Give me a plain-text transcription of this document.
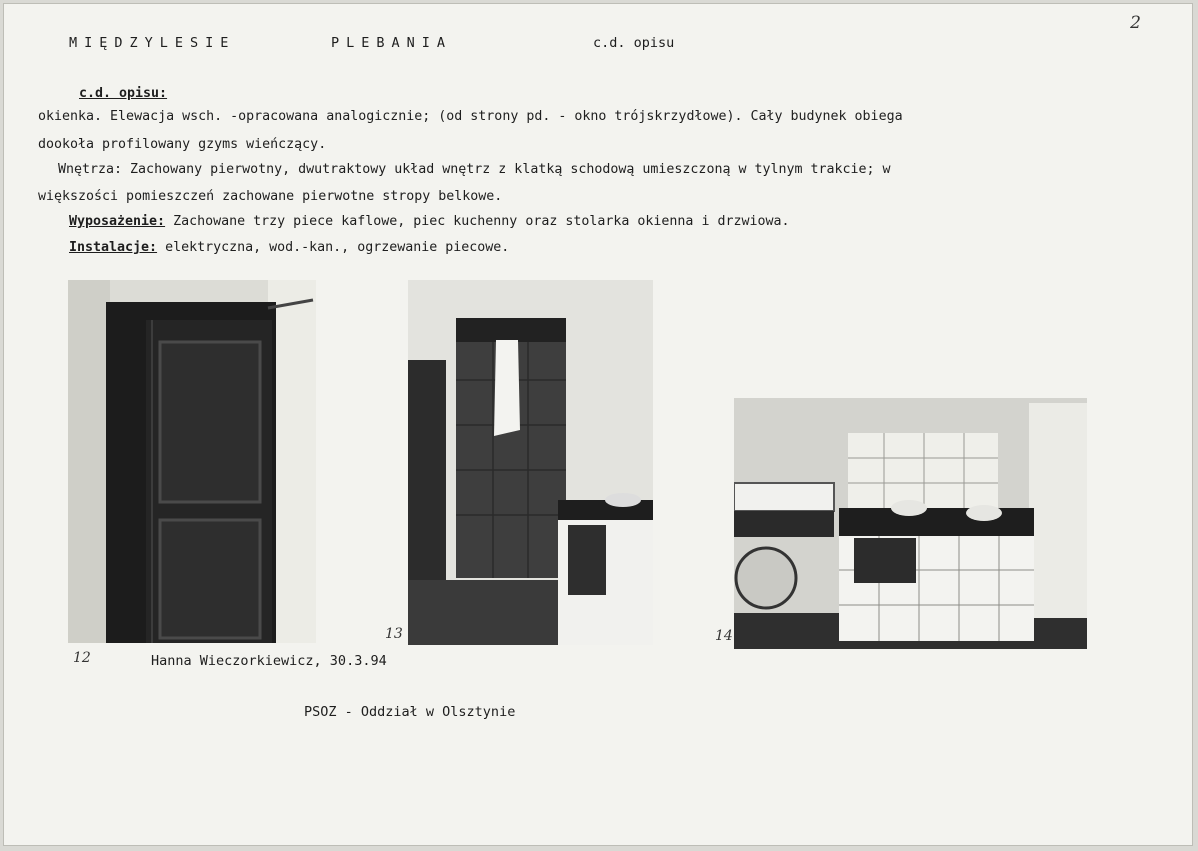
MIĘDZYLESIE	PLEBANIA	c.d. opisu
2
c.d. opisu:
okienka. Elewacja wsch. -opracowana analogicznie; (od strony pd. - okno trójskrzydłowe). Cały budynek obiega
dookoła profilowany gzyms wieńczący.
Wnętrza: Zachowany pierwotny, dwutraktowy układ wnętrz z klatką schodową umieszczoną w tylnym trakcie; w
większości pomieszczeń zachowane pierwotne stropy belkowe.
Wyposażenie: Zachowane trzy piece kaflowe, piec kuchenny oraz stolarka okienna i drzwiowa.
Instalacje: elektryczna, wod.-kan., ogrzewanie piecowe.
12
13	14
Hanna Wieczorkiewicz, 30.3.94
PSOZ - Oddział w Olsztynie
